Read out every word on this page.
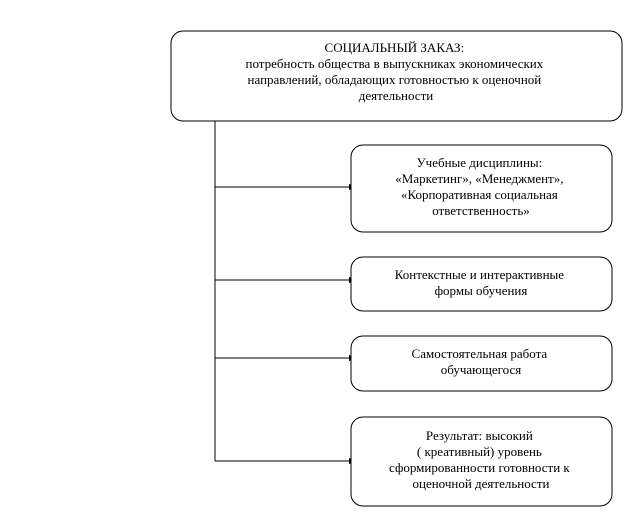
СОЦИАЛЬНЫЙ ЗАКАЗ: потребность общества в выпускниках экономических направлений, обладающих готовностью к оценочной деятельности
Учебные дисциплины: «Маркетинг», «Менеджмент», «Корпоративная социальная ответственность»
Контекстные и интерактивные формы обучения
Самостоятельная работа обучающегося
Результат: высокий ( креативный) уровень сформированности готовности к оценочной деятельности
